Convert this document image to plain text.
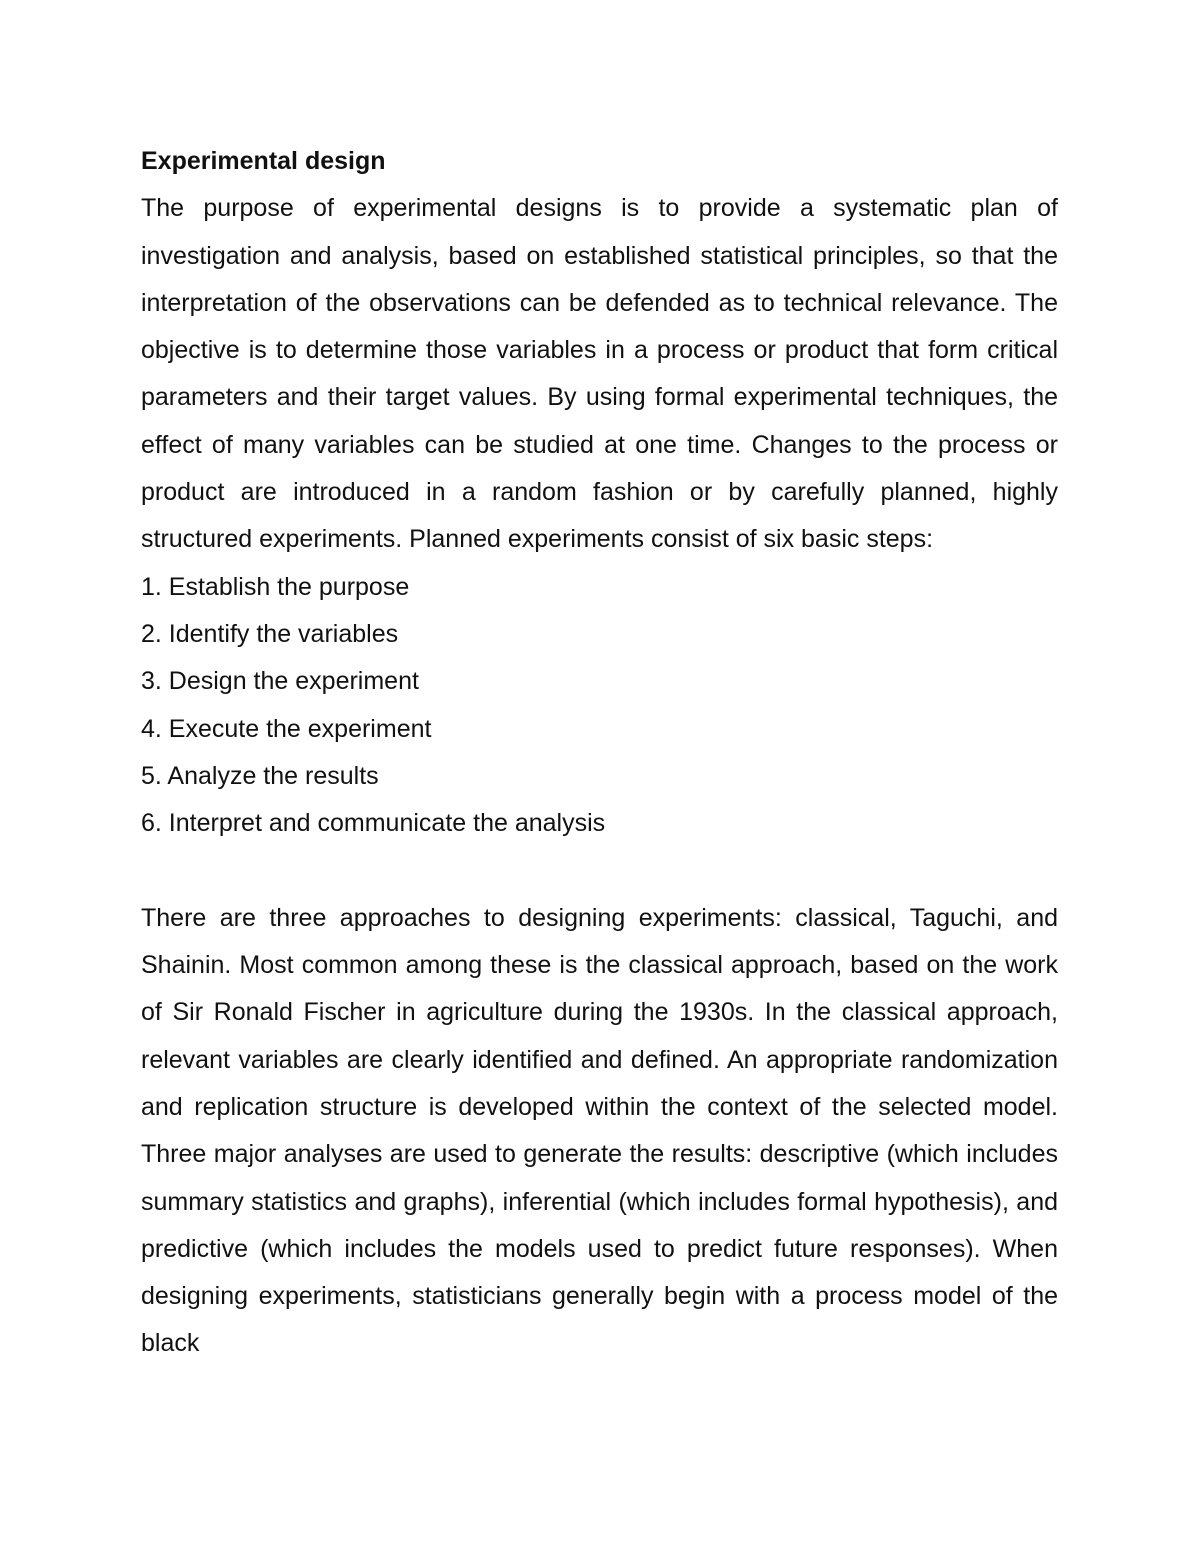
Experimental design

The purpose of experimental designs is to provide a systematic plan of investigation and analysis, based on established statistical principles, so that the interpretation of the observations can be defended as to technical relevance. The objective is to determine those variables in a process or product that form critical parameters and their target values. By using formal experimental techniques, the effect of many variables can be studied at one time. Changes to the process or product are introduced in a random fashion or by carefully planned, highly structured experiments. Planned experiments consist of six basic steps:

1. Establish the purpose
2. Identify the variables
3. Design the experiment
4. Execute the experiment
5. Analyze the results
6. Interpret and communicate the analysis

There are three approaches to designing experiments: classical, Taguchi, and Shainin. Most common among these is the classical approach, based on the work of Sir Ronald Fischer in agriculture during the 1930s. In the classical approach, relevant variables are clearly identified and defined. An appropriate randomization and replication structure is developed within the context of the selected model. Three major analyses are used to generate the results: descriptive (which includes summary statistics and graphs), inferential (which includes formal hypothesis), and predictive (which includes the models used to predict future responses). When designing experiments, statisticians generally begin with a process model of the black
